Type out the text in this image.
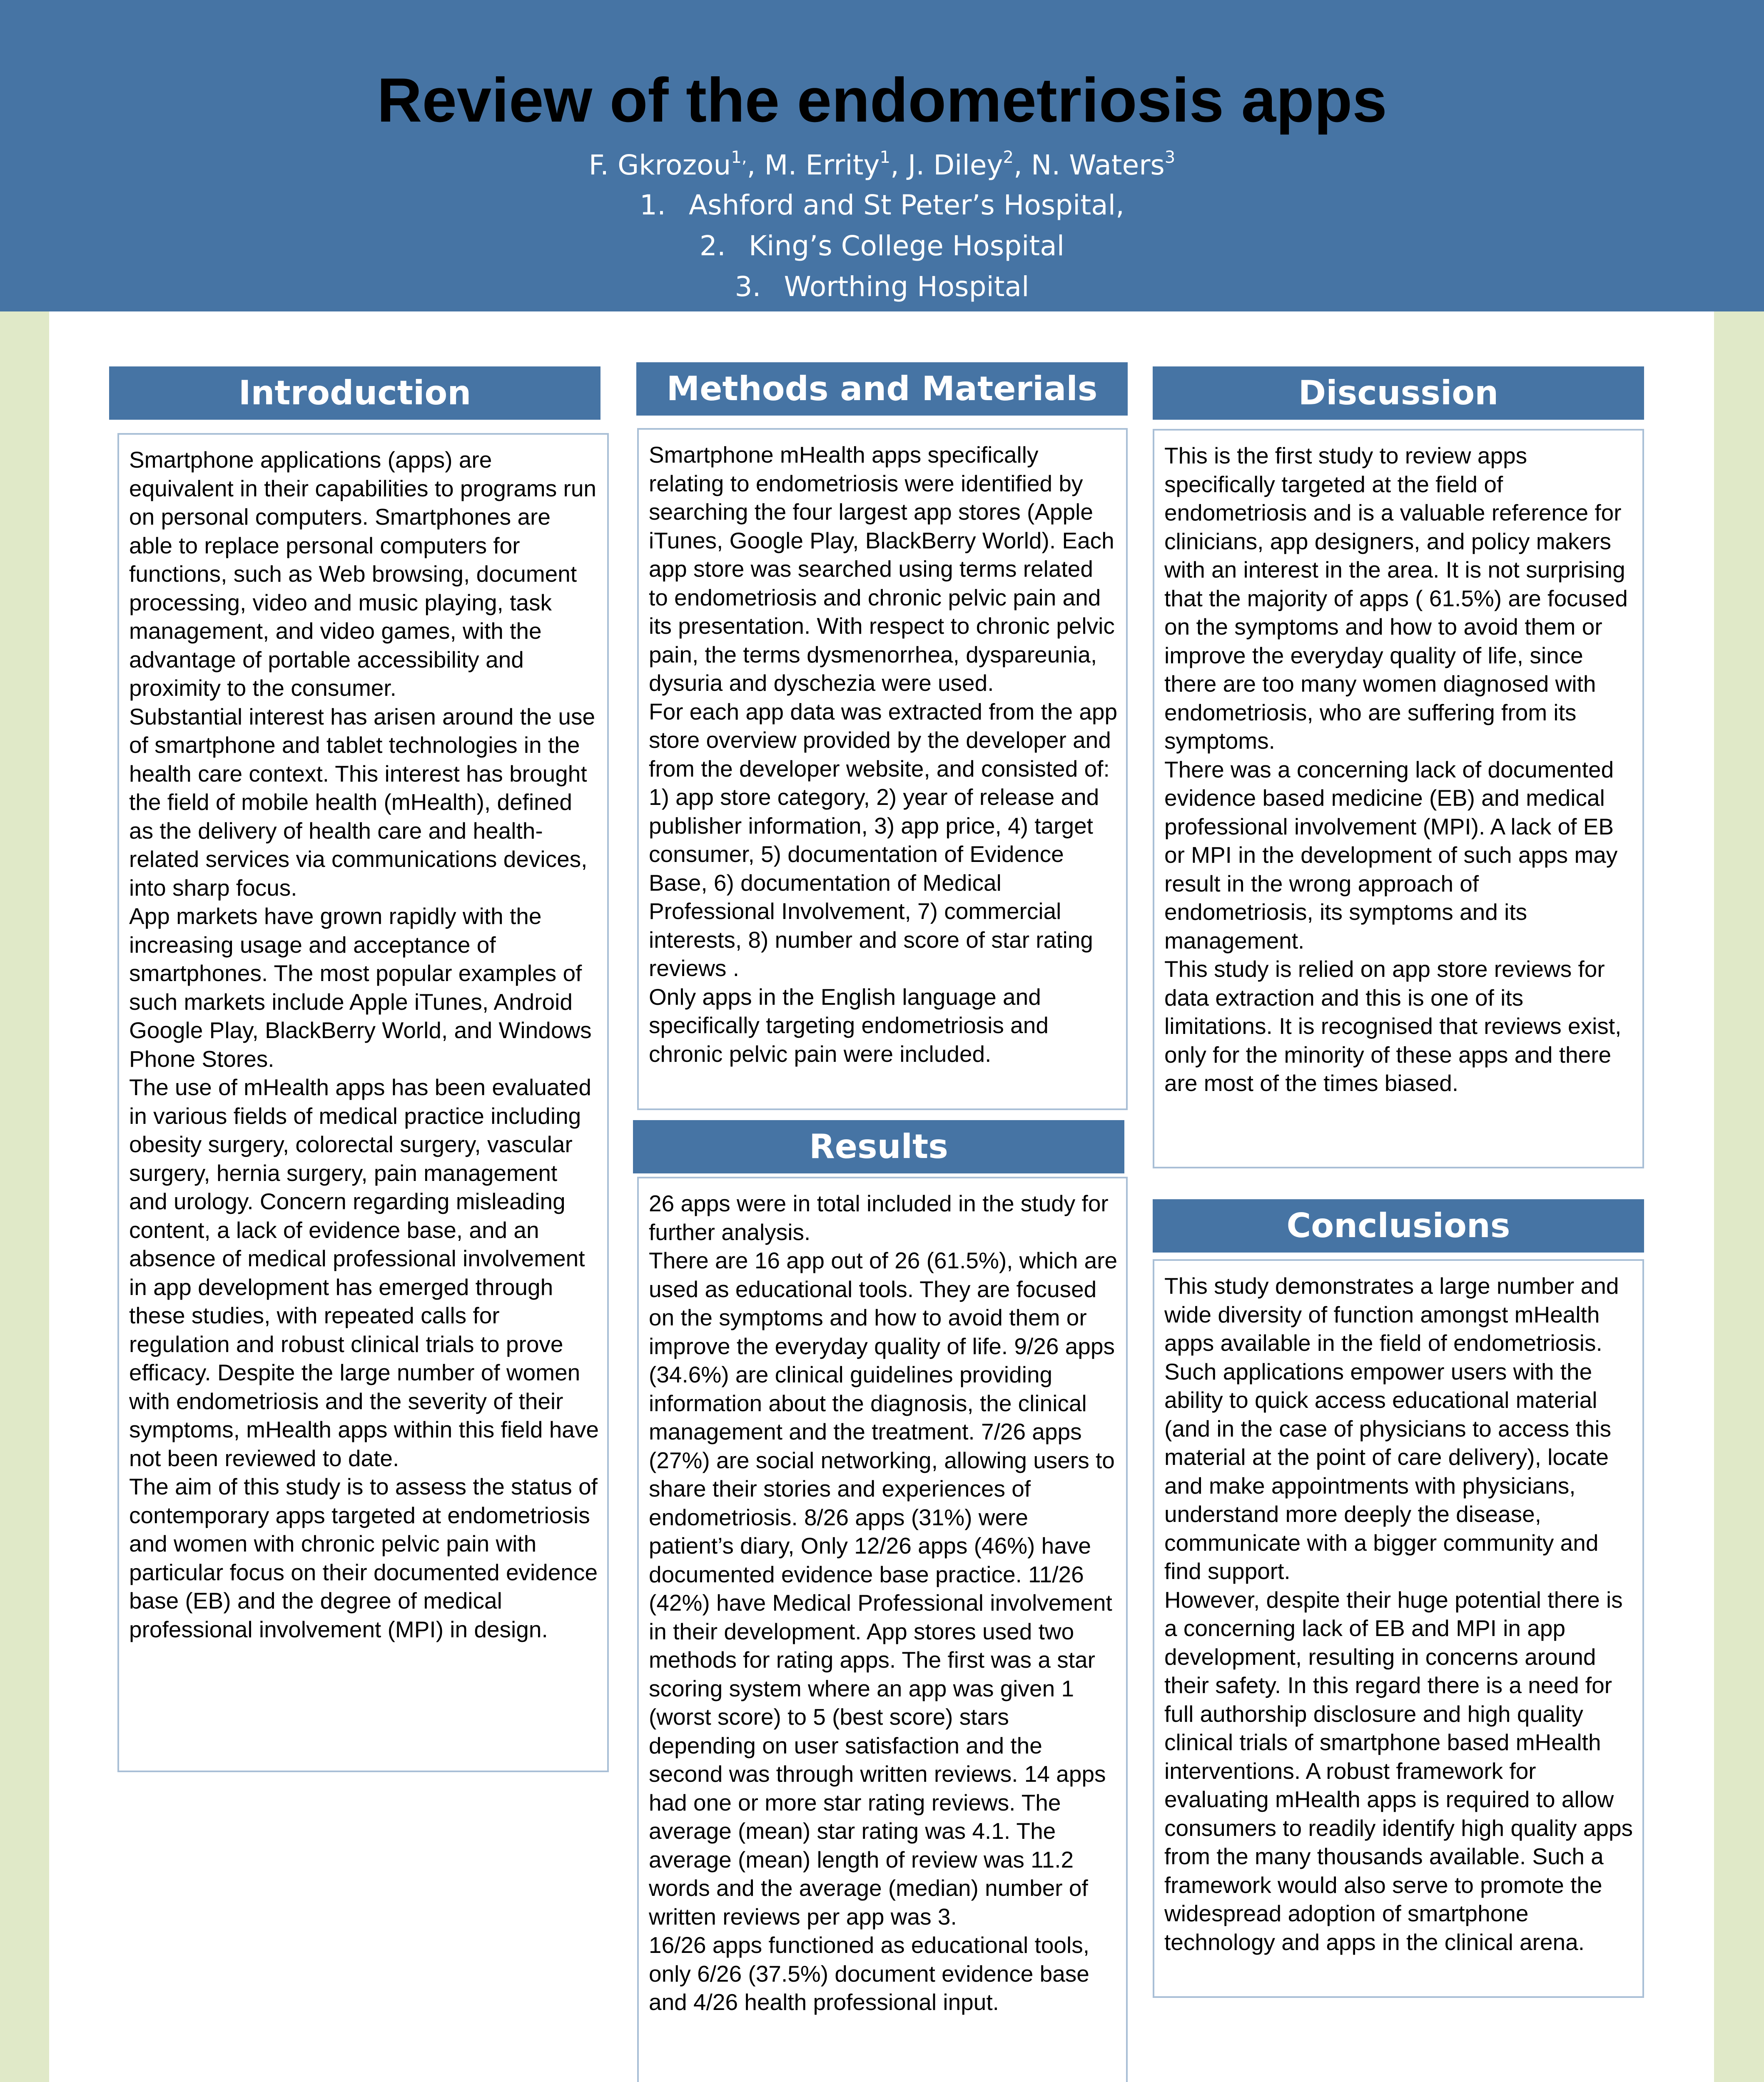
Review of the endometriosis apps
F. Gkrozou$^{1,}$, M. Errity$^1$, J. Diley$^2$, N. Waters$^3$
1. Ashford and St Peter’s Hospital,
2. King’s College Hospital
3. Worthing Hospital
Introduction

Smartphone applications (apps) are equivalent in their capabilities to programs run on personal computers. Smartphones are able to replace personal computers for functions, such as Web browsing, document processing, video and music playing, task management, and video games, with the advantage of portable accessibility and proximity to the consumer.

Substantial interest has arisen around the use of smartphone and tablet technologies in the health care context. This interest has brought the field of mobile health (mHealth), defined as the delivery of health care and health-related services via communications devices, into sharp focus.

App markets have grown rapidly with the increasing usage and acceptance of smartphones. The most popular examples of such markets include Apple iTunes, Android Google Play, BlackBerry World, and Windows Phone Stores.

The use of mHealth apps has been evaluated in various fields of medical practice including obesity surgery, colorectal surgery, vascular surgery, hernia surgery, pain management and urology. Concern regarding misleading content, a lack of evidence base, and an absence of medical professional involvement in app development has emerged through these studies, with repeated calls for regulation and robust clinical trials to prove efficacy. Despite the large number of women with endometriosis and the severity of their symptoms, mHealth apps within this field have not been reviewed to date.

The aim of this study is to assess the status of contemporary apps targeted at endometriosis and women with chronic pelvic pain with particular focus on their documented evidence base (EB) and the degree of medical professional involvement (MPI) in design.

Methods and Materials

Smartphone mHealth apps specifically relating to endometriosis were identified by searching the four largest app stores (Apple iTunes, Google Play, BlackBerry World). Each app store was searched using terms related to endometriosis and chronic pelvic pain and its presentation. With respect to chronic pelvic pain, the terms dysmenorrhea, dyspareunia, dysuria and dyschezia were used.

For each app data was extracted from the app store overview provided by the developer and from the developer website, and consisted of: 1) app store category, 2) year of release and publisher information, 3) app price, 4) target consumer, 5) documentation of Evidence Base, 6) documentation of Medical Professional Involvement, 7) commercial interests, 8) number and score of star rating reviews .

Only apps in the English language and specifically targeting endometriosis and chronic pelvic pain were included.

Results

26 apps were in total included in the study for further analysis.

There are 16 app out of 26 (61.5%), which are used as educational tools. They are focused on the symptoms and how to avoid them or improve the everyday quality of life. 9/26 apps (34.6%) are clinical guidelines providing information about the diagnosis, the clinical management and the treatment. 7/26 apps (27%) are social networking, allowing users to share their stories and experiences of endometriosis. 8/26 apps (31%) were patient’s diary, Only 12/26 apps (46%) have documented evidence base practice. 11/26 (42%) have Medical Professional involvement in their development. App stores used two methods for rating apps. The first was a star scoring system where an app was given 1 (worst score) to 5 (best score) stars depending on user satisfaction and the second was through written reviews. 14 apps had one or more star rating reviews. The average (mean) star rating was 4.1. The average (mean) length of review was 11.2 words and the average (median) number of written reviews per app was 3.

16/26 apps functioned as educational tools, only 6/26 (37.5%) document evidence base and 4/26 health professional input.

Discussion

This is the first study to review apps specifically targeted at the field of endometriosis and is a valuable reference for clinicians, app designers, and policy makers with an interest in the area. It is not surprising that the majority of apps ( 61.5%) are focused on the symptoms and how to avoid them or improve the everyday quality of life, since there are too many women diagnosed with endometriosis, who are suffering from its symptoms.

There was a concerning lack of documented evidence based medicine (EB) and medical professional involvement (MPI). A lack of EB or MPI in the development of such apps may result in the wrong approach of endometriosis, its symptoms and its management.

This study is relied on app store reviews for data extraction and this is one of its limitations. It is recognised that reviews exist, only for the minority of these apps and there are most of the times biased.

Conclusions

This study demonstrates a large number and wide diversity of function amongst mHealth apps available in the field of endometriosis. Such applications empower users with the ability to quick access educational material (and in the case of physicians to access this material at the point of care delivery), locate and make appointments with physicians, understand more deeply the disease, communicate with a bigger community and find support.

However, despite their huge potential there is a concerning lack of EB and MPI in app development, resulting in concerns around their safety. In this regard there is a need for full authorship disclosure and high quality clinical trials of smartphone based mHealth interventions. A robust framework for evaluating mHealth apps is required to allow consumers to readily identify high quality apps from the many thousands available. Such a framework would also serve to promote the widespread adoption of smartphone technology and apps in the clinical arena.
